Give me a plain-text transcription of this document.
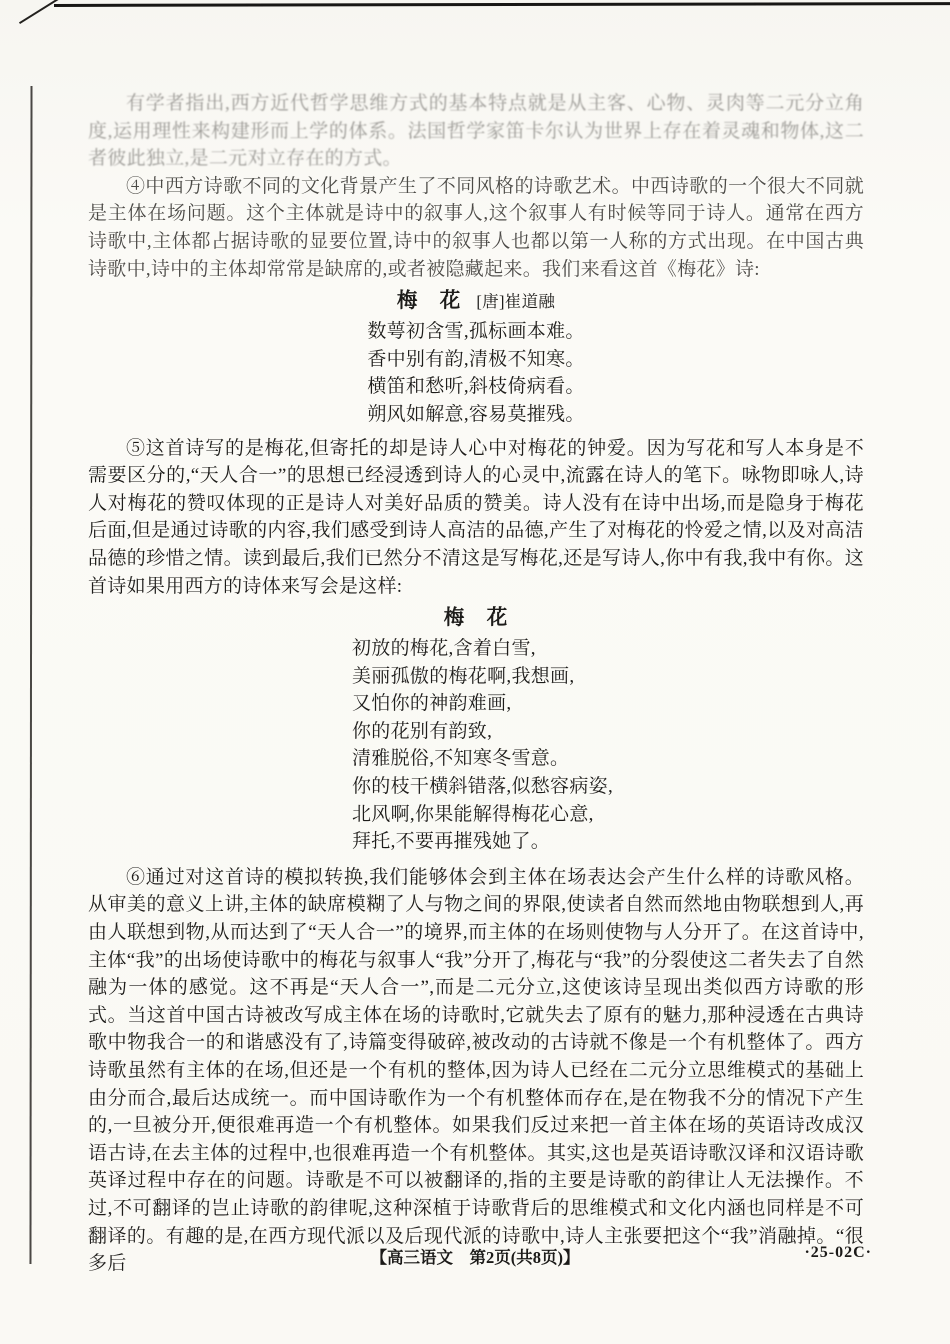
有学者指出,西方近代哲学思维方式的基本特点就是从主客、心物、灵肉等二元分立角度,运用理性来构建形而上学的体系。法国哲学家笛卡尔认为世界上存在着灵魂和物体,这二者彼此独立,是二元对立存在的方式。

④中西方诗歌不同的文化背景产生了不同风格的诗歌艺术。中西诗歌的一个很大不同就是主体在场问题。这个主体就是诗中的叙事人,这个叙事人有时候等同于诗人。通常在西方诗歌中,主体都占据诗歌的显要位置,诗中的叙事人也都以第一人称的方式出现。在中国古典诗歌中,诗中的主体却常常是缺席的,或者被隐藏起来。我们来看这首《梅花》诗:

梅　花 [唐]崔道融
数萼初含雪,孤标画本难。
香中别有韵,清极不知寒。
横笛和愁听,斜枝倚病看。
朔风如解意,容易莫摧残。

⑤这首诗写的是梅花,但寄托的却是诗人心中对梅花的钟爱。因为写花和写人本身是不需要区分的,“天人合一”的思想已经浸透到诗人的心灵中,流露在诗人的笔下。咏物即咏人,诗人对梅花的赞叹体现的正是诗人对美好品质的赞美。诗人没有在诗中出场,而是隐身于梅花后面,但是通过诗歌的内容,我们感受到诗人高洁的品德,产生了对梅花的怜爱之情,以及对高洁品德的珍惜之情。读到最后,我们已然分不清这是写梅花,还是写诗人,你中有我,我中有你。这首诗如果用西方的诗体来写会是这样:

梅　花
初放的梅花,含着白雪,
美丽孤傲的梅花啊,我想画,
又怕你的神韵难画,
你的花别有韵致,
清雅脱俗,不知寒冬雪意。
你的枝干横斜错落,似愁容病姿,
北风啊,你果能解得梅花心意,
拜托,不要再摧残她了。

⑥通过对这首诗的模拟转换,我们能够体会到主体在场表达会产生什么样的诗歌风格。从审美的意义上讲,主体的缺席模糊了人与物之间的界限,使读者自然而然地由物联想到人,再由人联想到物,从而达到了“天人合一”的境界,而主体的在场则使物与人分开了。在这首诗中,主体“我”的出场使诗歌中的梅花与叙事人“我”分开了,梅花与“我”的分裂使这二者失去了自然融为一体的感觉。这不再是“天人合一”,而是二元分立,这使该诗呈现出类似西方诗歌的形式。当这首中国古诗被改写成主体在场的诗歌时,它就失去了原有的魅力,那种浸透在古典诗歌中物我合一的和谐感没有了,诗篇变得破碎,被改动的古诗就不像是一个有机整体了。西方诗歌虽然有主体的在场,但还是一个有机的整体,因为诗人已经在二元分立思维模式的基础上由分而合,最后达成统一。而中国诗歌作为一个有机整体而存在,是在物我不分的情况下产生的,一旦被分开,便很难再造一个有机整体。如果我们反过来把一首主体在场的英语诗改成汉语古诗,在去主体的过程中,也很难再造一个有机整体。其实,这也是英语诗歌汉译和汉语诗歌英译过程中存在的问题。诗歌是不可以被翻译的,指的主要是诗歌的韵律让人无法操作。不过,不可翻译的岂止诗歌的韵律呢,这种深植于诗歌背后的思维模式和文化内涵也同样是不可翻译的。有趣的是,在西方现代派以及后现代派的诗歌中,诗人主张要把这个“我”消融掉。“很多后	【高三语文　第2页(共8页)】	·25-02C·
